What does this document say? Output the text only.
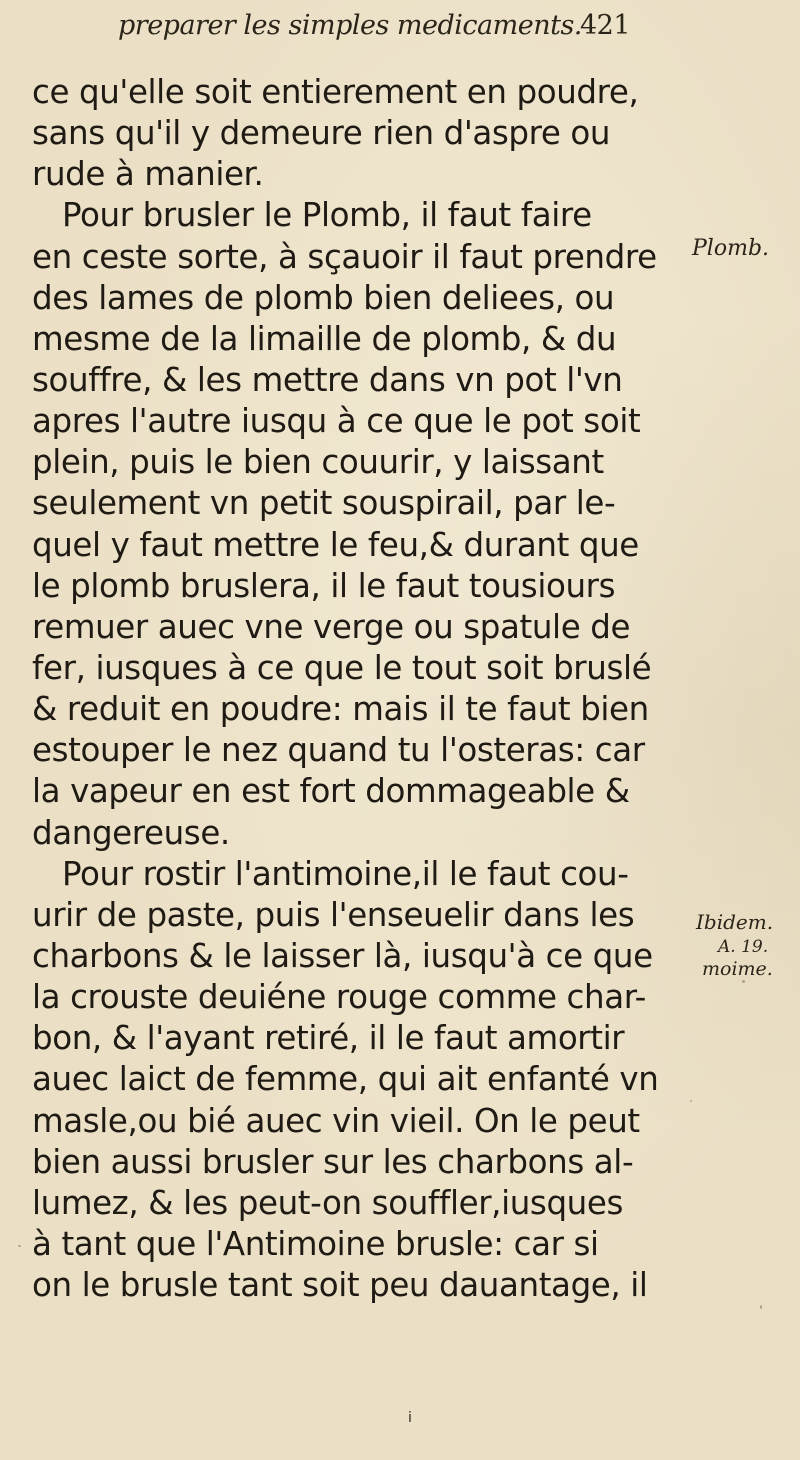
preparer les simples medicaments.
421
ce qu'elle soit entierement en poudre,
sans qu'il y demeure rien d'aspre ou
rude à manier.
Pour brusler le Plomb, il faut faire
en ceste sorte, à sçauoir il faut prendre
des lames de plomb bien deliees, ou
mesme de la limaille de plomb, & du
souffre, & les mettre dans vn pot l'vn
apres l'autre iusqu à ce que le pot soit
plein, puis le bien couurir, y laissant
seulement vn petit souspirail, par le-
quel y faut mettre le feu,& durant que
le plomb bruslera, il le faut tousiours
remuer auec vne verge ou spatule de
fer, iusques à ce que le tout soit bruslé
& reduit en poudre: mais il te faut bien
estouper le nez quand tu l'osteras: car
la vapeur en est fort dommageable &
dangereuse.
Pour rostir l'antimoine,il le faut cou-
urir de paste, puis l'enseuelir dans les
charbons & le laisser là, iusqu'à ce que
la crouste deuiéne rouge comme char-
bon, & l'ayant retiré, il le faut amortir
auec laict de femme, qui ait enfanté vn
masle,ou bié auec vin vieil. On le peut
bien aussi brusler sur les charbons al-
lumez, & les peut-on souffler,iusques
à tant que l'Antimoine brusle: car si
on le brusle tant soit peu dauantage, il
Plomb.
Ibidem.
A. 19.
moime.
i
